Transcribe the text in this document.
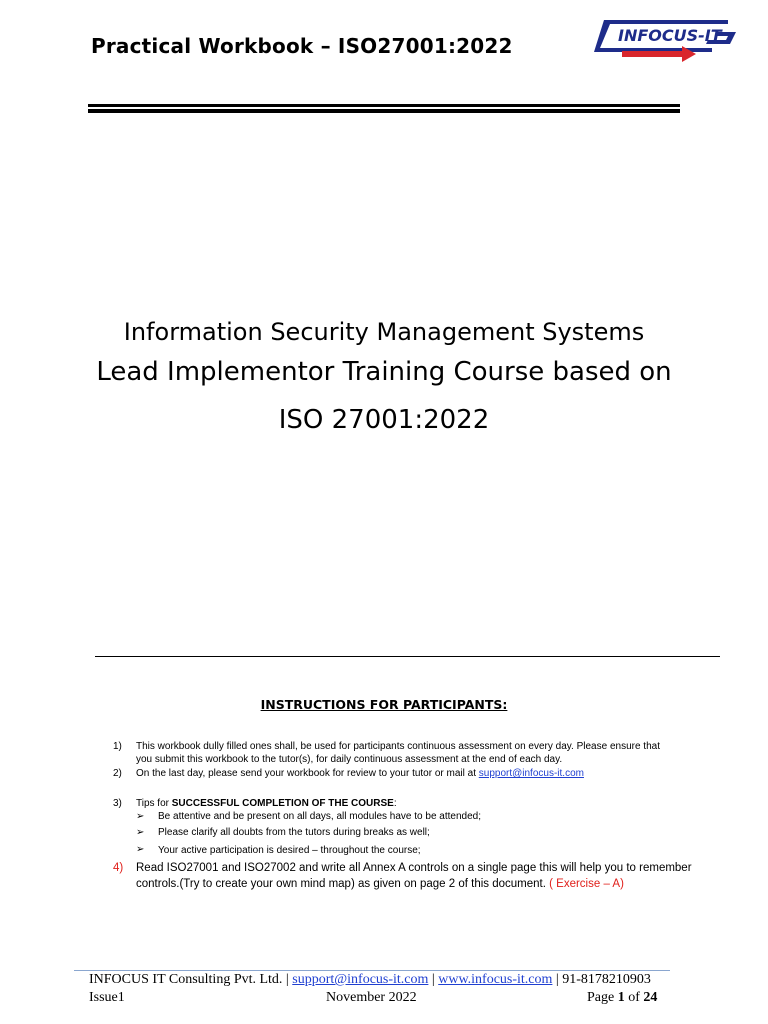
Practical Workbook – ISO27001:2022	INFOCUS-IT
Information Security Management Systems
Lead Implementor Training Course based on
ISO 27001:2022
INSTRUCTIONS FOR PARTICIPANTS:
1) This workbook dully filled ones shall, be used for participants continuous assessment on every day. Please ensure that
you submit this workbook to the tutor(s), for daily continuous assessment at the end of each day.
2) On the last day, please send your workbook for review to your tutor or mail at support@infocus-it.com
3) Tips for SUCCESSFUL COMPLETION OF THE COURSE:
➢ Be attentive and be present on all days, all modules have to be attended;
➢ Please clarify all doubts from the tutors during breaks as well;
➢ Your active participation is desired – throughout the course;
4) Read ISO27001 and ISO27002 and write all Annex A controls on a single page this will help you to remember
controls.(Try to create your own mind map) as given on page 2 of this document. ( Exercise – A)
INFOCUS IT Consulting Pvt. Ltd. | support@infocus-it.com | www.infocus-it.com | 91-8178210903
Issue1	November 2022	Page 1 of 24
